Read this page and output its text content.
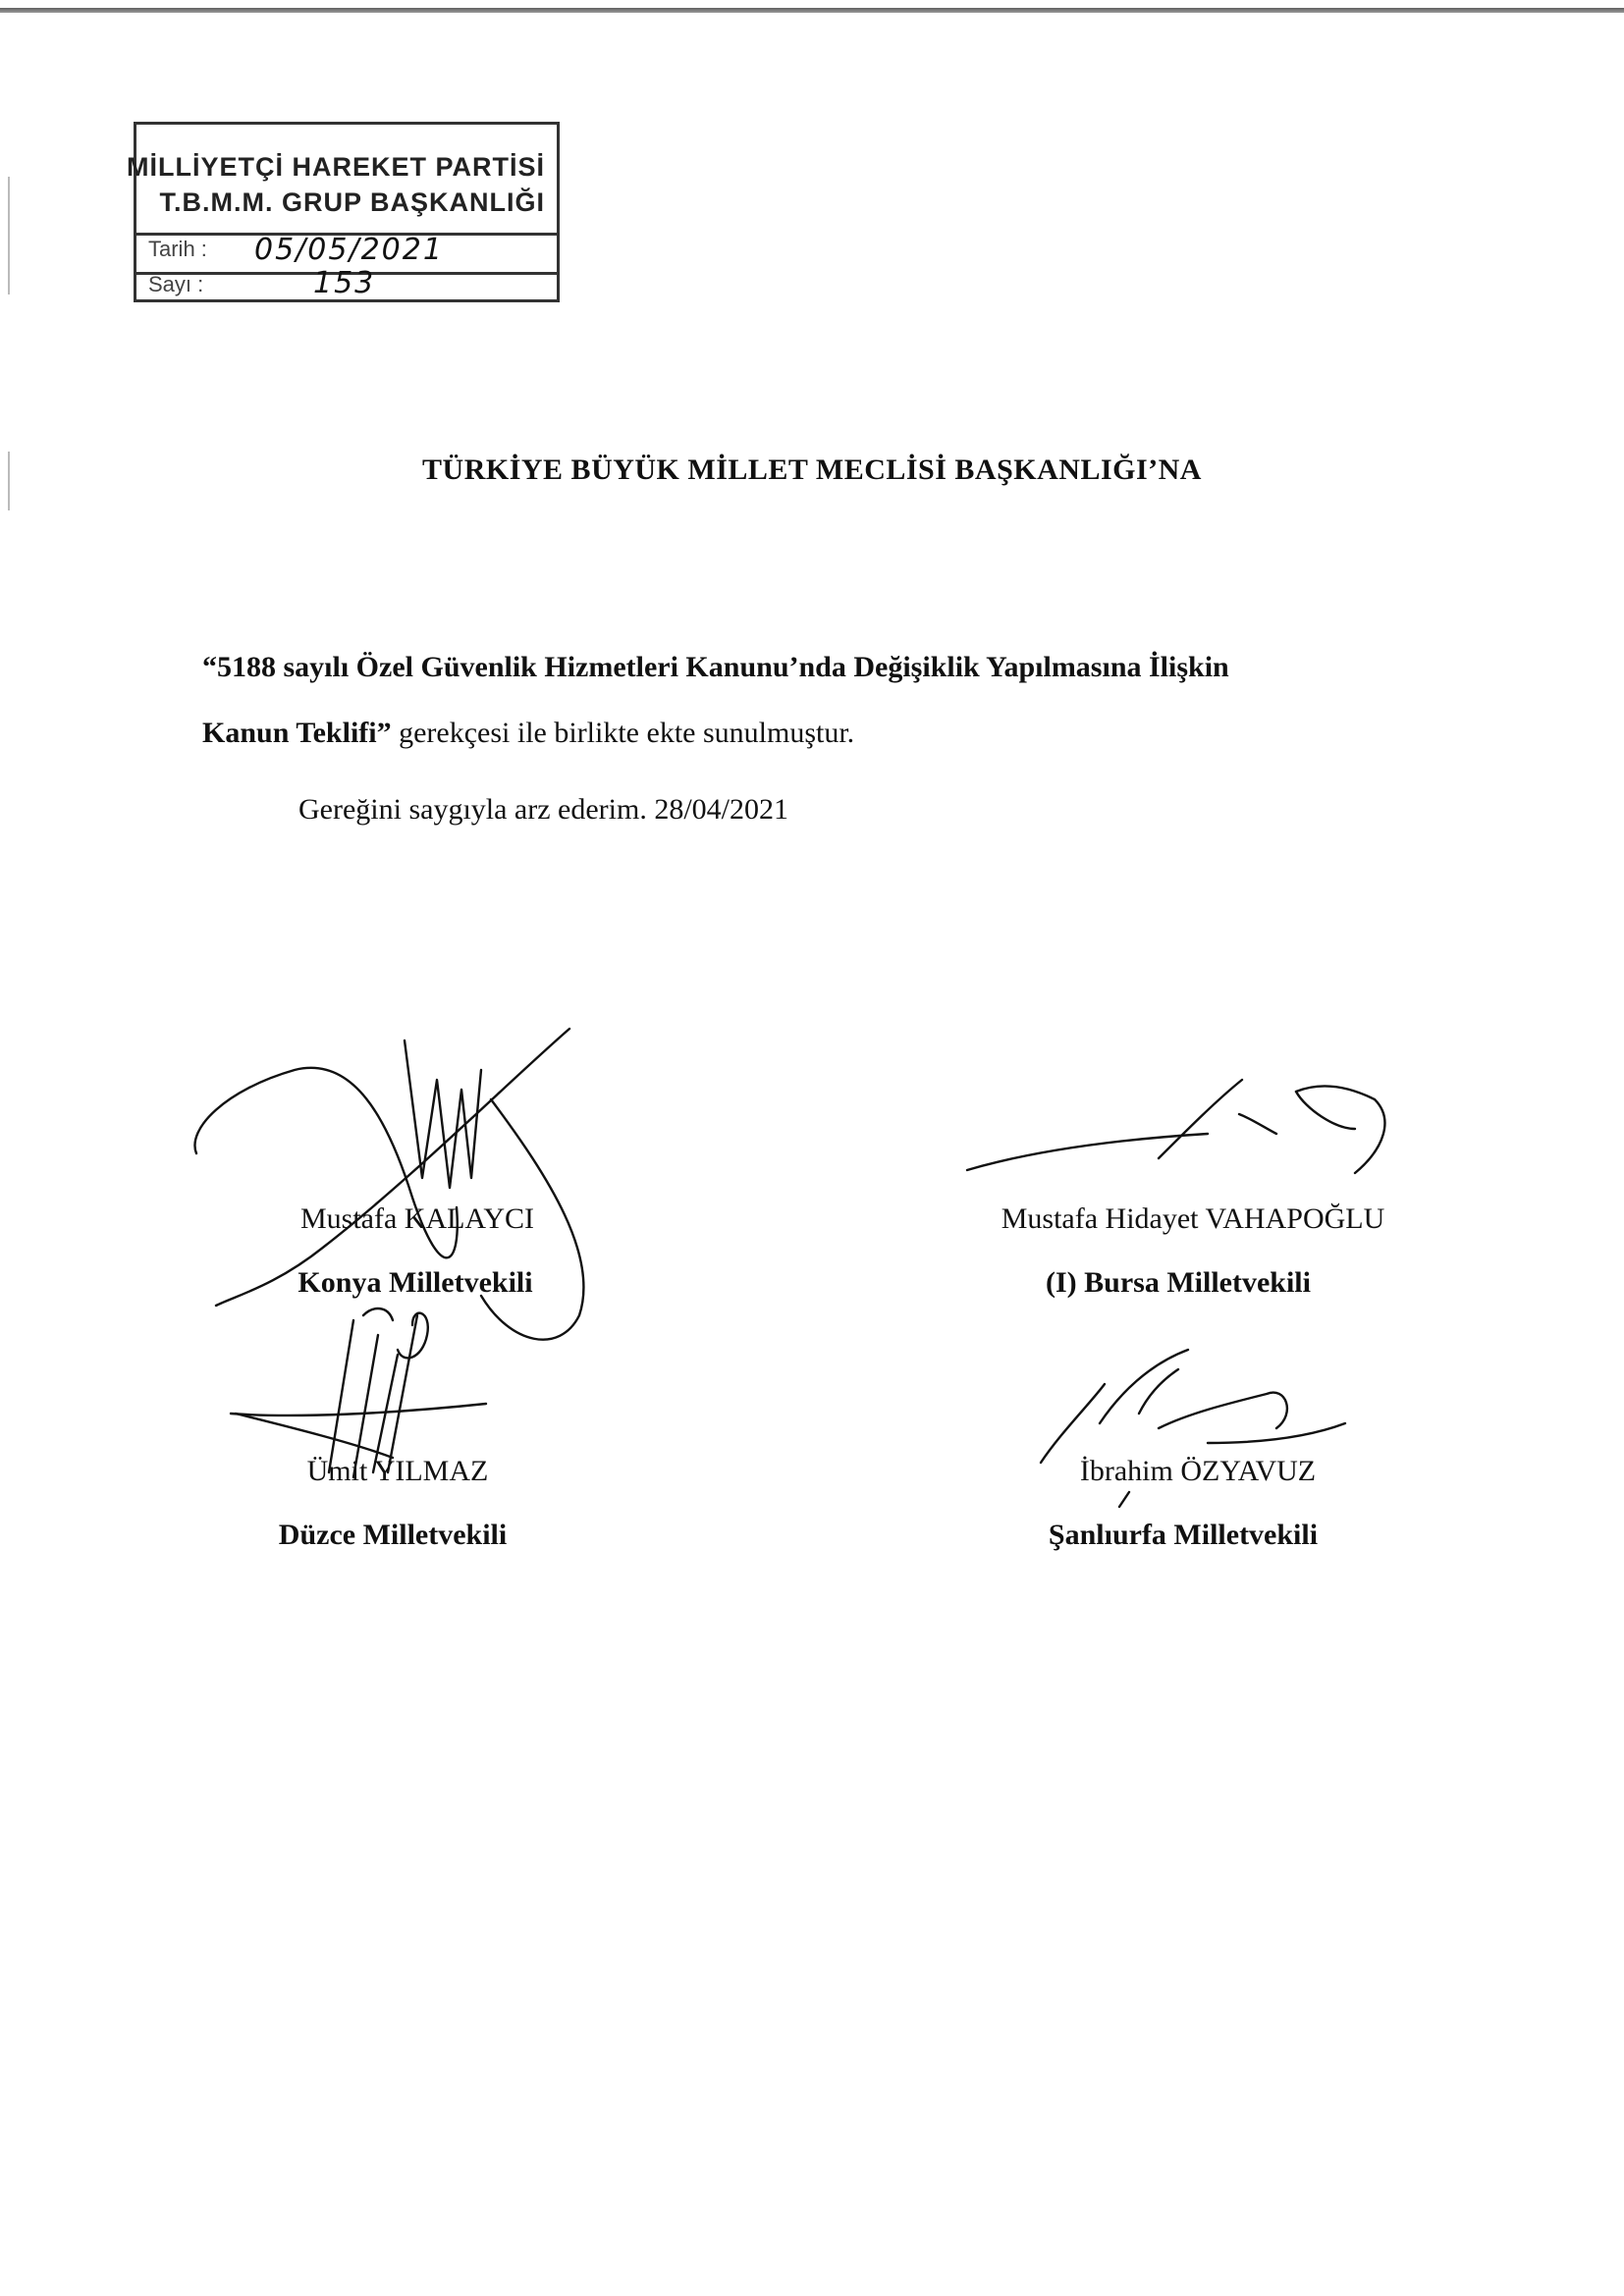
MİLLİYETÇİ HAREKET PARTİSİ
T.B.M.M. GRUP BAŞKANLIĞI
Tarih : 05/05/2021
Sayı :	153
TÜRKİYE BÜYÜK MİLLET MECLİSİ BAŞKANLIĞI’NA
“5188 sayılı Özel Güvenlik Hizmetleri Kanunu’nda Değişiklik Yapılmasına İlişkin
Kanun Teklifi” gerekçesi ile birlikte ekte sunulmuştur.
Gereğini saygıyla arz ederim. 28/04/2021
Mustafa KALAYCI
Konya Milletvekili
Mustafa Hidayet VAHAPOĞLU
(I) Bursa Milletvekili
Ümit YILMAZ
Düzce Milletvekili
İbrahim ÖZYAVUZ
Şanlıurfa Milletvekili
